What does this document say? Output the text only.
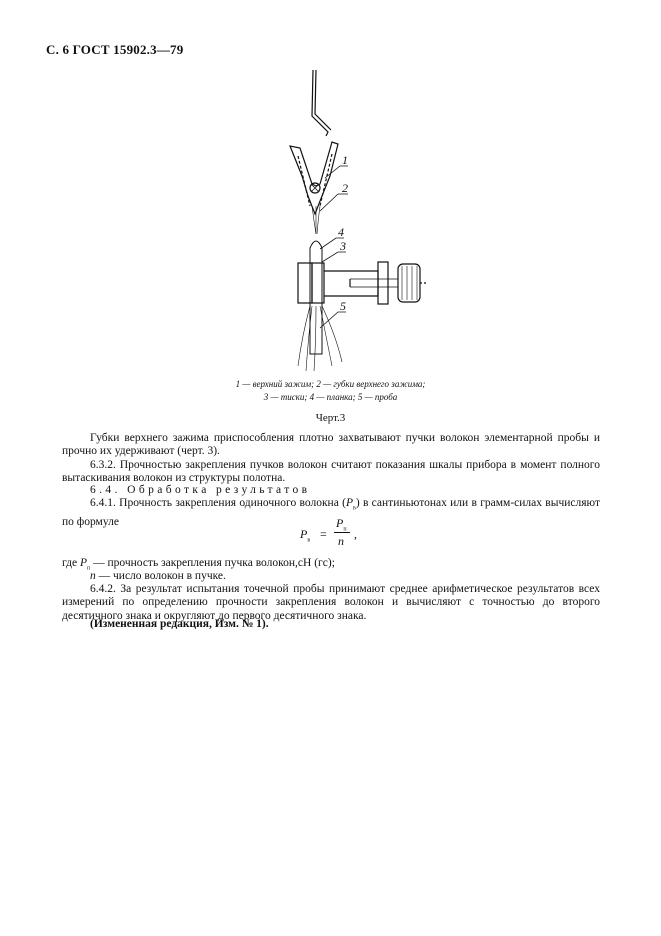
С. 6 ГОСТ 15902.3—79
1
2
4
3
5
1 — верхний зажим; 2 — губки верхнего зажима;
3 — тиски; 4 — планка; 5 — проба
Черт.3
Губки верхнего зажима приспособления плотно захватывают пучки волокон элементарной пробы и прочно их удерживают (черт. 3).
6.3.2. Прочностью закрепления пучков волокон считают показания шкалы прибора в момент полного вытаскивания волокон из структуры полотна.
6.4. Обработка результатов
6.4.1. Прочность закрепления одиночного волокна $(P_в)$ в сантиньютонах или в грамм-силах вычисляют по формуле
$P_в$ =
$P_п$
n ,
где $P_п$ — прочность закрепления пучка волокон,сН (гс);
n — число волокон в пучке.
6.4.2. За результат испытания точечной пробы принимают среднее арифметическое результатов всех измерений по определению прочности закрепления волокон и вычисляют с точностью до второго десятичного знака и округляют до первого десятичного знака.
(Измененная редакция, Изм. № 1).
